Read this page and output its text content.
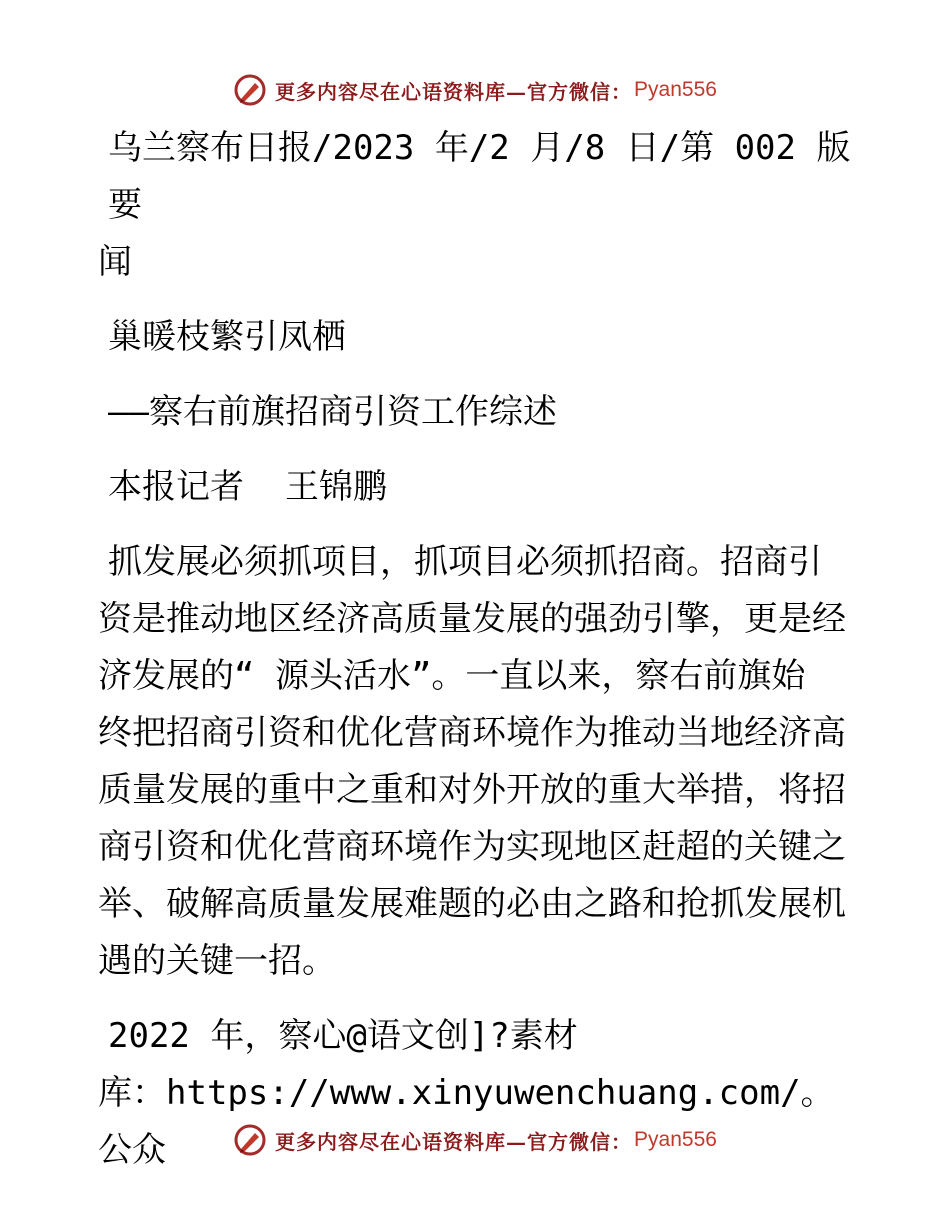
更多内容尽在心语资料库—官方微信： Pyan556

乌兰察布日报/2023 年/2 月/8 日/第 002 版要

闻

巢暖枝繁引凤栖

——察右前旗招商引资工作综述

本报记者  王锦鹏

抓发展必须抓项目，抓项目必须抓招商。招商引

资是推动地区经济高质量发展的强劲引擎，更是经

济发展的“ 源头活水”。一直以来，察右前旗始

终把招商引资和优化营商环境作为推动当地经济高

质量发展的重中之重和对外开放的重大举措，将招

商引资和优化营商环境作为实现地区赶超的关键之

举、破解高质量发展难题的必由之路和抢抓发展机

遇的关键一招。

2022 年，察心@语文创]?素材

库：https://www.xinyuwenchuang.com/。公众	更多内容尽在心语资料库—官方微信： Pyan556
